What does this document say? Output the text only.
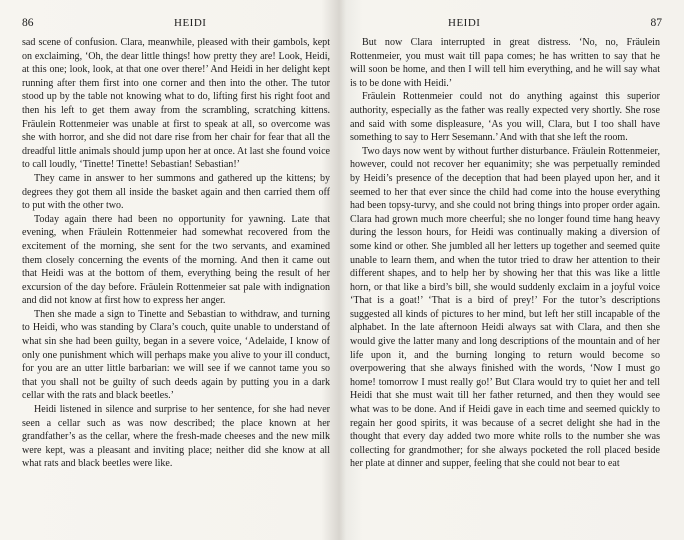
86	HEIDI

sad scene of confusion. Clara, meanwhile, pleased with their gambols, kept on exclaiming, ‘Oh, the dear little things! how pretty they are! Look, Heidi, at this one; look, look, at that one over there!’ And Heidi in her delight kept running after them first into one corner and then into the other. The tutor stood up by the table not knowing what to do, lifting first his right foot and then his left to get them away from the scrambling, scratching kittens. Fräulein Rottenmeier was unable at first to speak at all, so overcome was she with horror, and she did not dare rise from her chair for fear that all the dreadful little animals should jump upon her at once. At last she found voice to call loudly, ‘Tinette! Tinette! Sebastian! Sebastian!’

They came in answer to her summons and gathered up the kittens; by degrees they got them all inside the basket again and then carried them off to put with the other two.

Today again there had been no opportunity for yawning. Late that evening, when Fräulein Rottenmeier had somewhat recovered from the excitement of the morning, she sent for the two servants, and examined them closely concerning the events of the morning. And then it came out that Heidi was at the bottom of them, everything being the result of her excursion of the day before. Fräulein Rottenmeier sat pale with indignation and did not know at first how to express her anger.

Then she made a sign to Tinette and Sebastian to withdraw, and turning to Heidi, who was standing by Clara’s couch, quite unable to understand of what sin she had been guilty, began in a severe voice, ‘Adelaide, I know of only one punishment which will perhaps make you alive to your ill conduct, for you are an utter little barbarian: we will see if we cannot tame you so that you shall not be guilty of such deeds again by putting you in a dark cellar with the rats and black beetles.’

Heidi listened in silence and surprise to her sentence, for she had never seen a cellar such as was now described; the place known at her grandfather’s as the cellar, where the fresh-made cheeses and the new milk were kept, was a pleasant and inviting place; neither did she know at all what rats and black beetles were like.

HEIDI	87

But now Clara interrupted in great distress. ‘No, no, Fräulein Rottenmeier, you must wait till papa comes; he has written to say that he will soon be home, and then I will tell him everything, and he will say what is to be done with Heidi.’

Fräulein Rottenmeier could not do anything against this superior authority, especially as the father was really expected very shortly. She rose and said with some displeasure, ‘As you will, Clara, but I too shall have something to say to Herr Sesemann.’ And with that she left the room.

Two days now went by without further disturbance. Fräulein Rottenmeier, however, could not recover her equanimity; she was perpetually reminded by Heidi’s presence of the deception that had been played upon her, and it seemed to her that ever since the child had come into the house everything had been topsy-turvy, and she could not bring things into proper order again. Clara had grown much more cheerful; she no longer found time hang heavy during the lesson hours, for Heidi was continually making a diversion of some kind or other. She jumbled all her letters up together and seemed quite unable to learn them, and when the tutor tried to draw her attention to their different shapes, and to help her by showing her that this was like a little horn, or that like a bird’s bill, she would suddenly exclaim in a joyful voice ‘That is a goat!’ ‘That is a bird of prey!’ For the tutor’s descriptions suggested all kinds of pictures to her mind, but left her still incapable of the alphabet. In the late afternoon Heidi always sat with Clara, and then she would give the latter many and long descriptions of the mountain and of her life upon it, and the burning longing to return would become so overpowering that she always finished with the words, ‘Now I must go home! tomorrow I must really go!’ But Clara would try to quiet her and tell Heidi that she must wait till her father returned, and then they would see what was to be done. And if Heidi gave in each time and seemed quickly to regain her good spirits, it was because of a secret delight she had in the thought that every day added two more white rolls to the number she was collecting for grandmother; for she always pocketed the roll placed beside her plate at dinner and supper, feeling that she could not bear to eat
